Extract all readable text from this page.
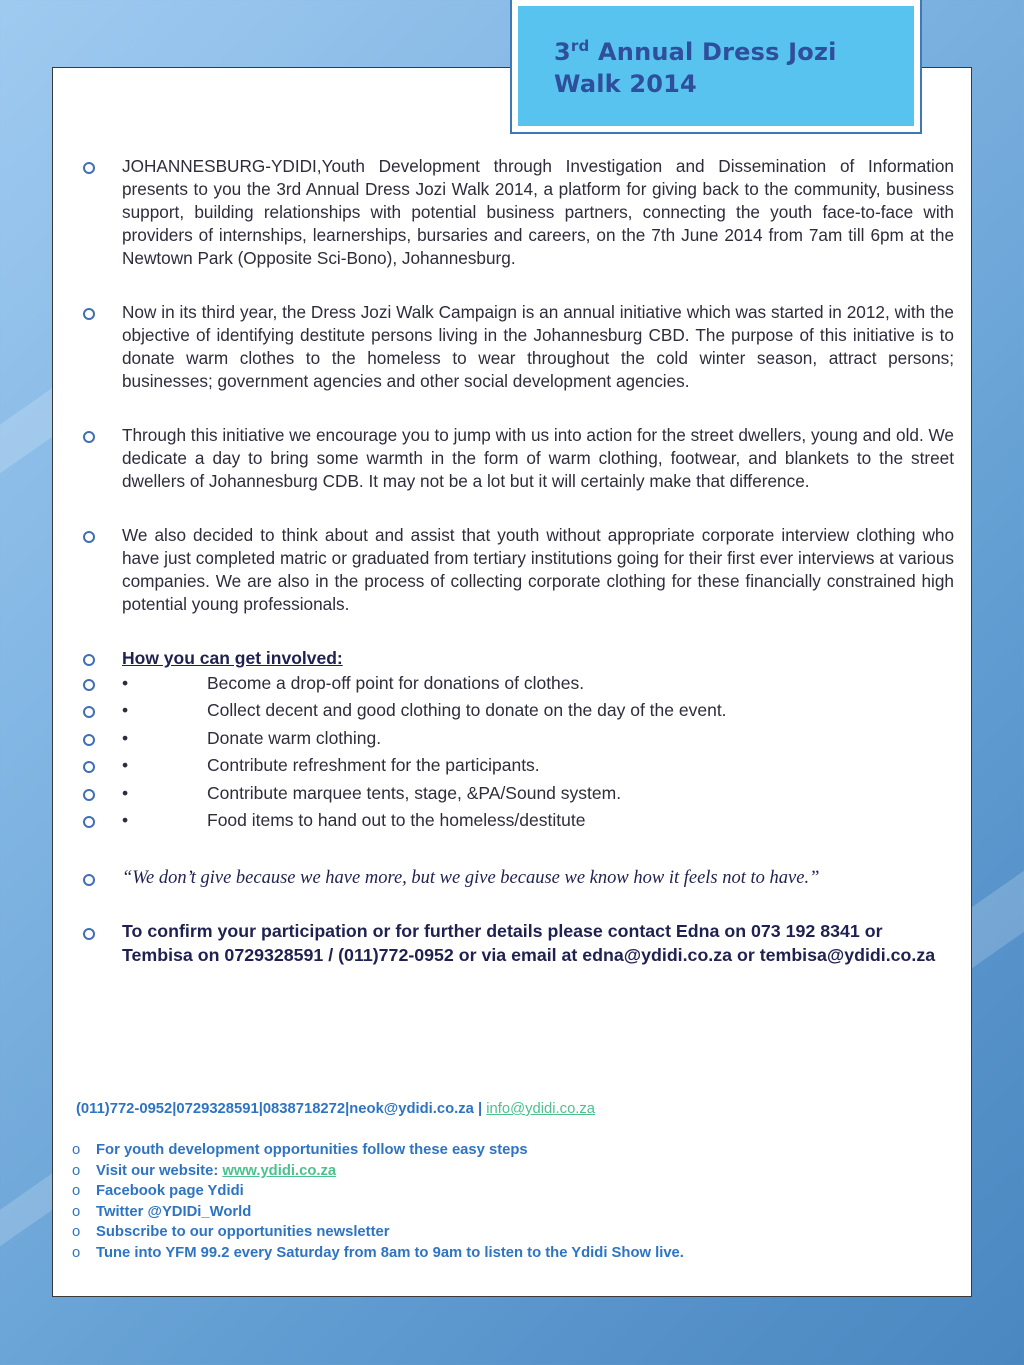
3rd Annual Dress Jozi
Walk 2014

JOHANNESBURG-YDIDI,Youth Development through Investigation and Dissemination of Information presents to you the 3rd Annual Dress Jozi Walk 2014, a platform for giving back to the community, business support, building relationships with potential business partners, connecting the youth face-to-face with providers of internships, learnerships, bursaries and careers, on the 7th June 2014 from 7am till 6pm at the Newtown Park (Opposite Sci-Bono), Johannesburg.

Now in its third year, the Dress Jozi Walk Campaign is an annual initiative which was started in 2012, with the objective of identifying destitute persons living in the Johannesburg CBD. The purpose of this initiative is to donate warm clothes to the homeless to wear throughout the cold winter season, attract persons; businesses; government agencies and other social development agencies.

Through this initiative we encourage you to jump with us into action for the street dwellers, young and old. We dedicate a day to bring some warmth in the form of warm clothing, footwear, and blankets to the street dwellers of Johannesburg CDB. It may not be a lot but it will certainly make that difference.

We also decided to think about and assist that youth without appropriate corporate interview clothing who have just completed matric or graduated from tertiary institutions going for their first ever interviews at various companies. We are also in the process of collecting corporate clothing for these financially constrained high potential young professionals.

How you can get involved:
•	Become a drop-off point for donations of clothes.
•	Collect decent and good clothing to donate on the day of the event.
•	Donate warm clothing.
•	Contribute refreshment for the participants.
•	Contribute marquee tents, stage, &PA/Sound system.
•	Food items to hand out to the homeless/destitute
“We don’t give because we have more, but we give because we know how it feels not to have.”
To confirm your participation or for further details please contact Edna on 073 192 8341 or Tembisa on 0729328591 / (011)772-0952 or via email at edna@ydidi.co.za or tembisa@ydidi.co.za
(011)772-0952|0729328591|0838718272|neok@ydidi.co.za | info@ydidi.co.za
o For youth development opportunities follow these easy steps
o Visit our website: www.ydidi.co.za
o Facebook page Ydidi
o Twitter @YDIDi_World
o Subscribe to our opportunities newsletter
o Tune into YFM 99.2 every Saturday from 8am to 9am to listen to the Ydidi Show live.
